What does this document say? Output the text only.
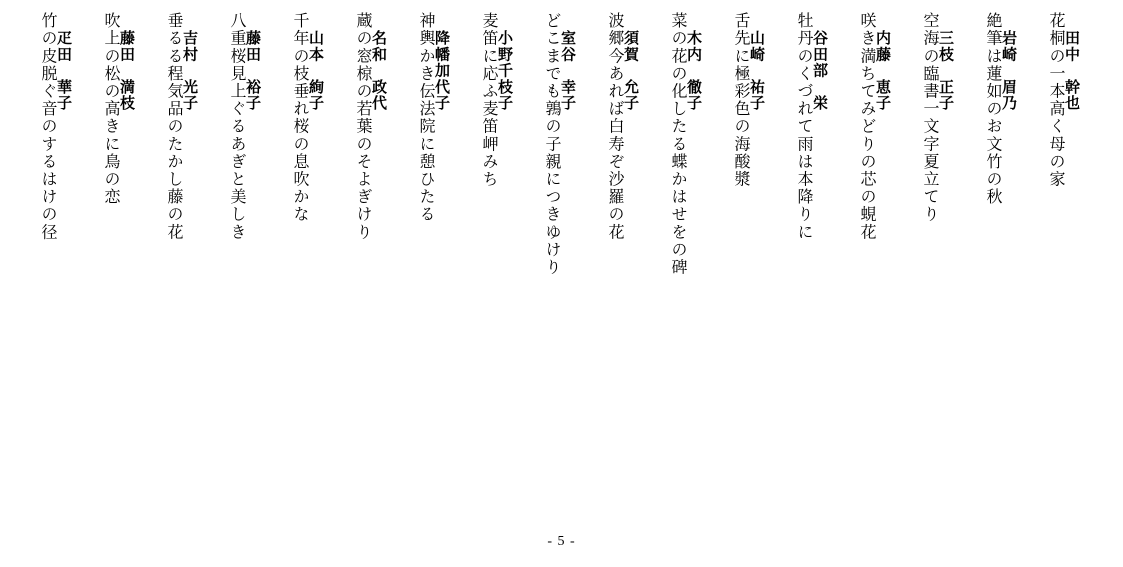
田中　幹也
花桐の一本高く母の家
岩崎　眉乃
絶筆は蓮如のお文竹の秋
三枝　正子
空海の臨書一文字夏立てり
内藤　恵子
咲き満ちてみどりの芯の蜆花
谷田部　栄
牡丹のくづれて雨は本降りに
山崎　祐子
舌先に極彩色の海酸漿
木内　徹子
菜の花の化したる蝶かはせをの碑
須賀　允子
波郷今あれば白寿ぞ沙羅の花
室谷　幸子
どこまでも鶉の子親につきゆけり
小野千枝子
麦笛に応ふ麦笛岬みち
降幡加代子
神輿かき伝法院に憩ひたる
名和　政代
蔵の窓椋の若葉のそよぎけり
山本　絢子
千年の枝垂れ桜の息吹かな
藤田　裕子
八重桜見上ぐるあぎと美しき
吉村　光子
垂るる程気品のたかし藤の花
藤田　満枝
吹上の松の高きに鳥の恋
疋田　華子
竹の皮脱ぐ音のするはけの径
- 5 -
